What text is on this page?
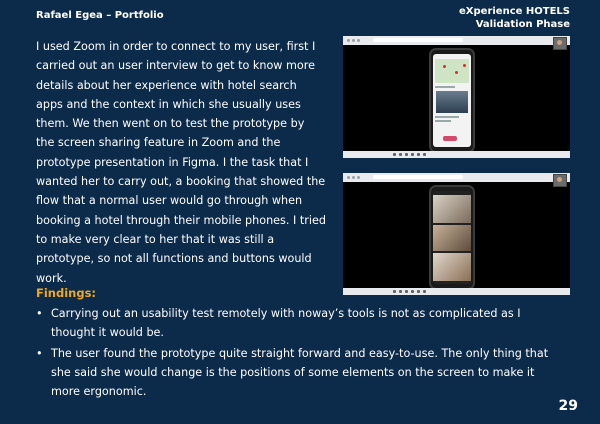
Rafael Egea – Portfolio	eXperience HOTELS
Validation Phase

I used Zoom in order to connect to my user, first I carried out an user interview to get to know more details about her experience with hotel search apps and the context in which she usually uses them. We then went on to test the prototype by the screen sharing feature in Zoom and the prototype presentation in Figma. I the task that I wanted her to carry out, a booking that showed the flow that a normal user would go through when booking a hotel through their mobile phones. I tried to make very clear to her that it was still a prototype, so not all functions and buttons would work.

Findings:
• Carrying out an usability test remotely with noway’s tools is not as complicated as I thought it would be.
• The user found the prototype quite straight forward and easy-to-use. The only thing that she said she would change is the positions of some elements on the screen to make it more ergonomic.
29
